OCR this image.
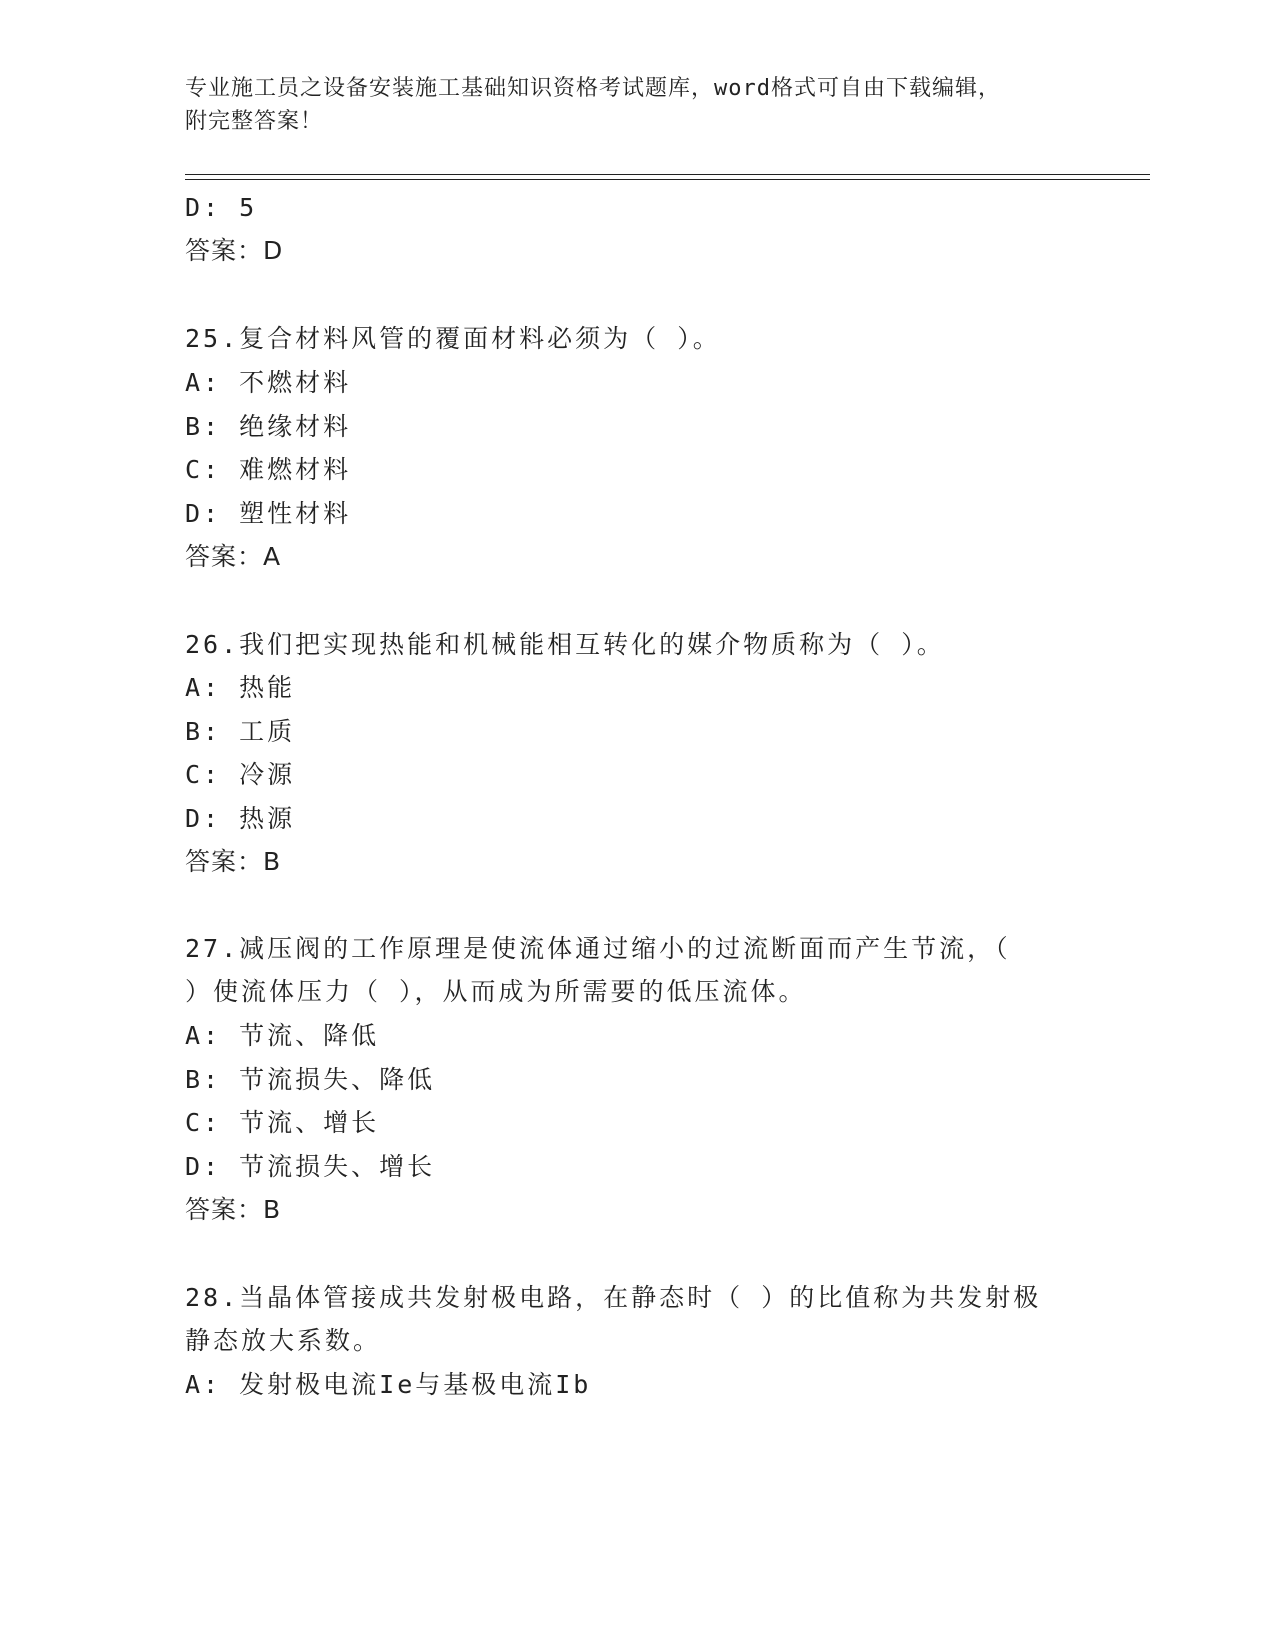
专业施工员之设备安装施工基础知识资格考试题库，word格式可自由下载编辑，
附完整答案！
D: 5
答案：D
25.复合材料风管的覆面材料必须为（ ）。
A: 不燃材料
B: 绝缘材料
C: 难燃材料
D: 塑性材料
答案：A
26.我们把实现热能和机械能相互转化的媒介物质称为（ ）。
A: 热能
B: 工质
C: 冷源
D: 热源
答案：B
27.减压阀的工作原理是使流体通过缩小的过流断面而产生节流，（
）使流体压力（ ），从而成为所需要的低压流体。
A: 节流、降低
B: 节流损失、降低
C: 节流、增长
D: 节流损失、增长
答案：B
28.当晶体管接成共发射极电路，在静态时（ ）的比值称为共发射极
静态放大系数。
A: 发射极电流Ie与基极电流Ib
